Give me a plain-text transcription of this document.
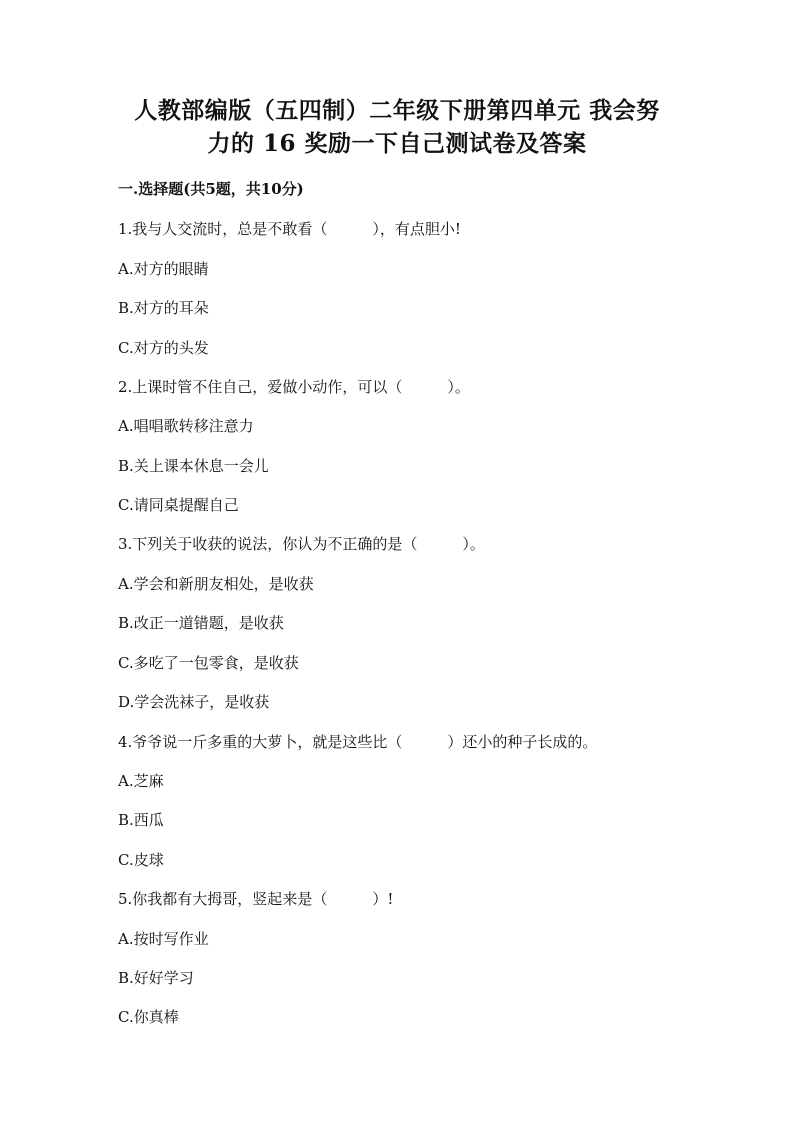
人教部编版（五四制）二年级下册第四单元 我会努
力的 16 奖励一下自己测试卷及答案
一.选择题(共5题，共10分)
1.我与人交流时，总是不敢看（　　　），有点胆小!
A.对方的眼睛
B.对方的耳朵
C.对方的头发
2.上课时管不住自己，爱做小动作，可以（　　　）。
A.唱唱歌转移注意力
B.关上课本休息一会儿
C.请同桌提醒自己
3.下列关于收获的说法，你认为不正确的是（　　　）。
A.学会和新朋友相处，是收获
B.改正一道错题，是收获
C.多吃了一包零食，是收获
D.学会洗袜子，是收获
4.爷爷说一斤多重的大萝卜，就是这些比（　　　）还小的种子长成的。
A.芝麻
B.西瓜
C.皮球
5.你我都有大拇哥，竖起来是（　　　）!
A.按时写作业
B.好好学习
C.你真棒
